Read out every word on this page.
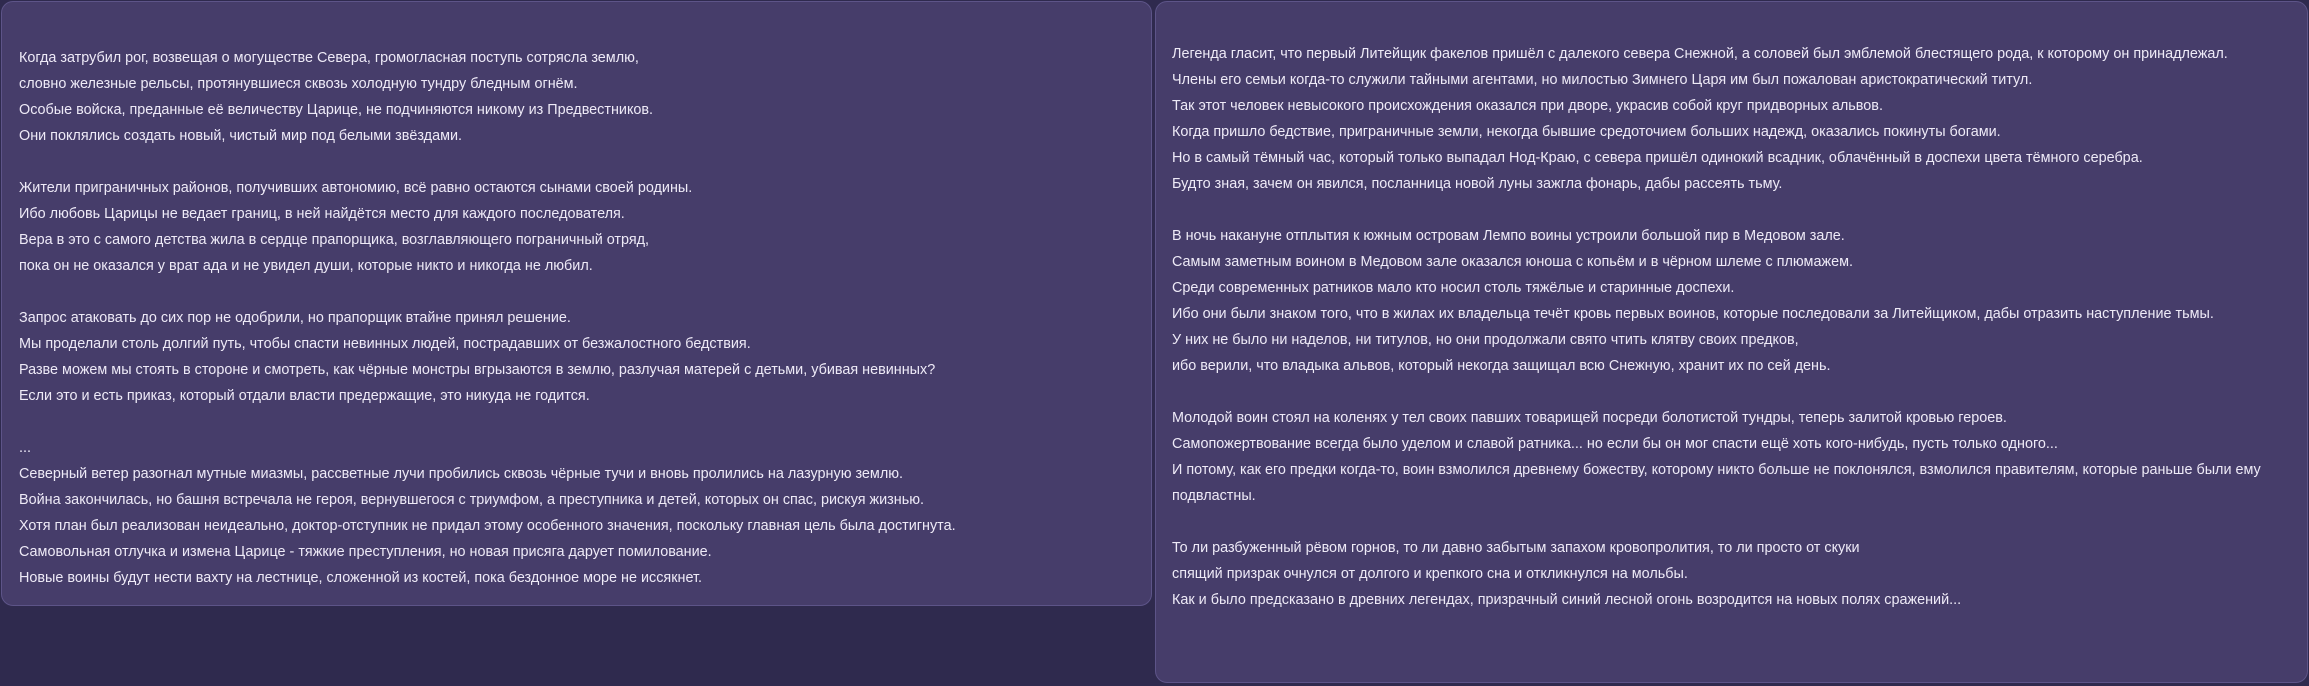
Когда затрубил рог, возвещая о могуществе Севера, громогласная поступь сотрясла землю,
словно железные рельсы, протянувшиеся сквозь холодную тундру бледным огнём.
Особые войска, преданные её величеству Царице, не подчиняются никому из Предвестников.
Они поклялись создать новый, чистый мир под белыми звёздами.
Жители приграничных районов, получивших автономию, всё равно остаются сынами своей родины.
Ибо любовь Царицы не ведает границ, в ней найдётся место для каждого последователя.
Вера в это с самого детства жила в сердце прапорщика, возглавляющего пограничный отряд,
пока он не оказался у врат ада и не увидел души, которые никто и никогда не любил.
Запрос атаковать до сих пор не одобрили, но прапорщик втайне принял решение.
Мы проделали столь долгий путь, чтобы спасти невинных людей, пострадавших от безжалостного бедствия.
Разве можем мы стоять в стороне и смотреть, как чёрные монстры вгрызаются в землю, разлучая матерей с детьми, убивая невинных?
Если это и есть приказ, который отдали власти предержащие, это никуда не годится.
...
Северный ветер разогнал мутные миазмы, рассветные лучи пробились сквозь чёрные тучи и вновь пролились на лазурную землю.
Война закончилась, но башня встречала не героя, вернувшегося с триумфом, а преступника и детей, которых он спас, рискуя жизнью.
Хотя план был реализован неидеально, доктор-отступник не придал этому особенного значения, поскольку главная цель была достигнута.
Самовольная отлучка и измена Царице - тяжкие преступления, но новая присяга дарует помилование.
Новые воины будут нести вахту на лестнице, сложенной из костей, пока бездонное море не иссякнет.
Легенда гласит, что первый Литейщик факелов пришёл с далекого севера Снежной, а соловей был эмблемой блестящего рода, к которому он принадлежал.
Члены его семьи когда-то служили тайными агентами, но милостью Зимнего Царя им был пожалован аристократический титул.
Так этот человек невысокого происхождения оказался при дворе, украсив собой круг придворных альвов.
Когда пришло бедствие, приграничные земли, некогда бывшие средоточием больших надежд, оказались покинуты богами.
Но в самый тёмный час, который только выпадал Нод-Краю, с севера пришёл одинокий всадник, облачённый в доспехи цвета тёмного серебра.
Будто зная, зачем он явился, посланница новой луны зажгла фонарь, дабы рассеять тьму.
В ночь накануне отплытия к южным островам Лемпо воины устроили большой пир в Медовом зале.
Самым заметным воином в Медовом зале оказался юноша с копьём и в чёрном шлеме с плюмажем.
Среди современных ратников мало кто носил столь тяжёлые и старинные доспехи.
Ибо они были знаком того, что в жилах их владельца течёт кровь первых воинов, которые последовали за Литейщиком, дабы отразить наступление тьмы.
У них не было ни наделов, ни титулов, но они продолжали свято чтить клятву своих предков,
ибо верили, что владыка альвов, который некогда защищал всю Снежную, хранит их по сей день.
Молодой воин стоял на коленях у тел своих павших товарищей посреди болотистой тундры, теперь залитой кровью героев.
Самопожертвование всегда было уделом и славой ратника... но если бы он мог спасти ещё хоть кого-нибудь, пусть только одного...
И потому, как его предки когда-то, воин взмолился древнему божеству, которому никто больше не поклонялся, взмолился правителям, которые раньше были ему подвластны.
То ли разбуженный рёвом горнов, то ли давно забытым запахом кровопролития, то ли просто от скуки
спящий призрак очнулся от долгого и крепкого сна и откликнулся на мольбы.
Как и было предсказано в древних легендах, призрачный синий лесной огонь возродится на новых полях сражений...
